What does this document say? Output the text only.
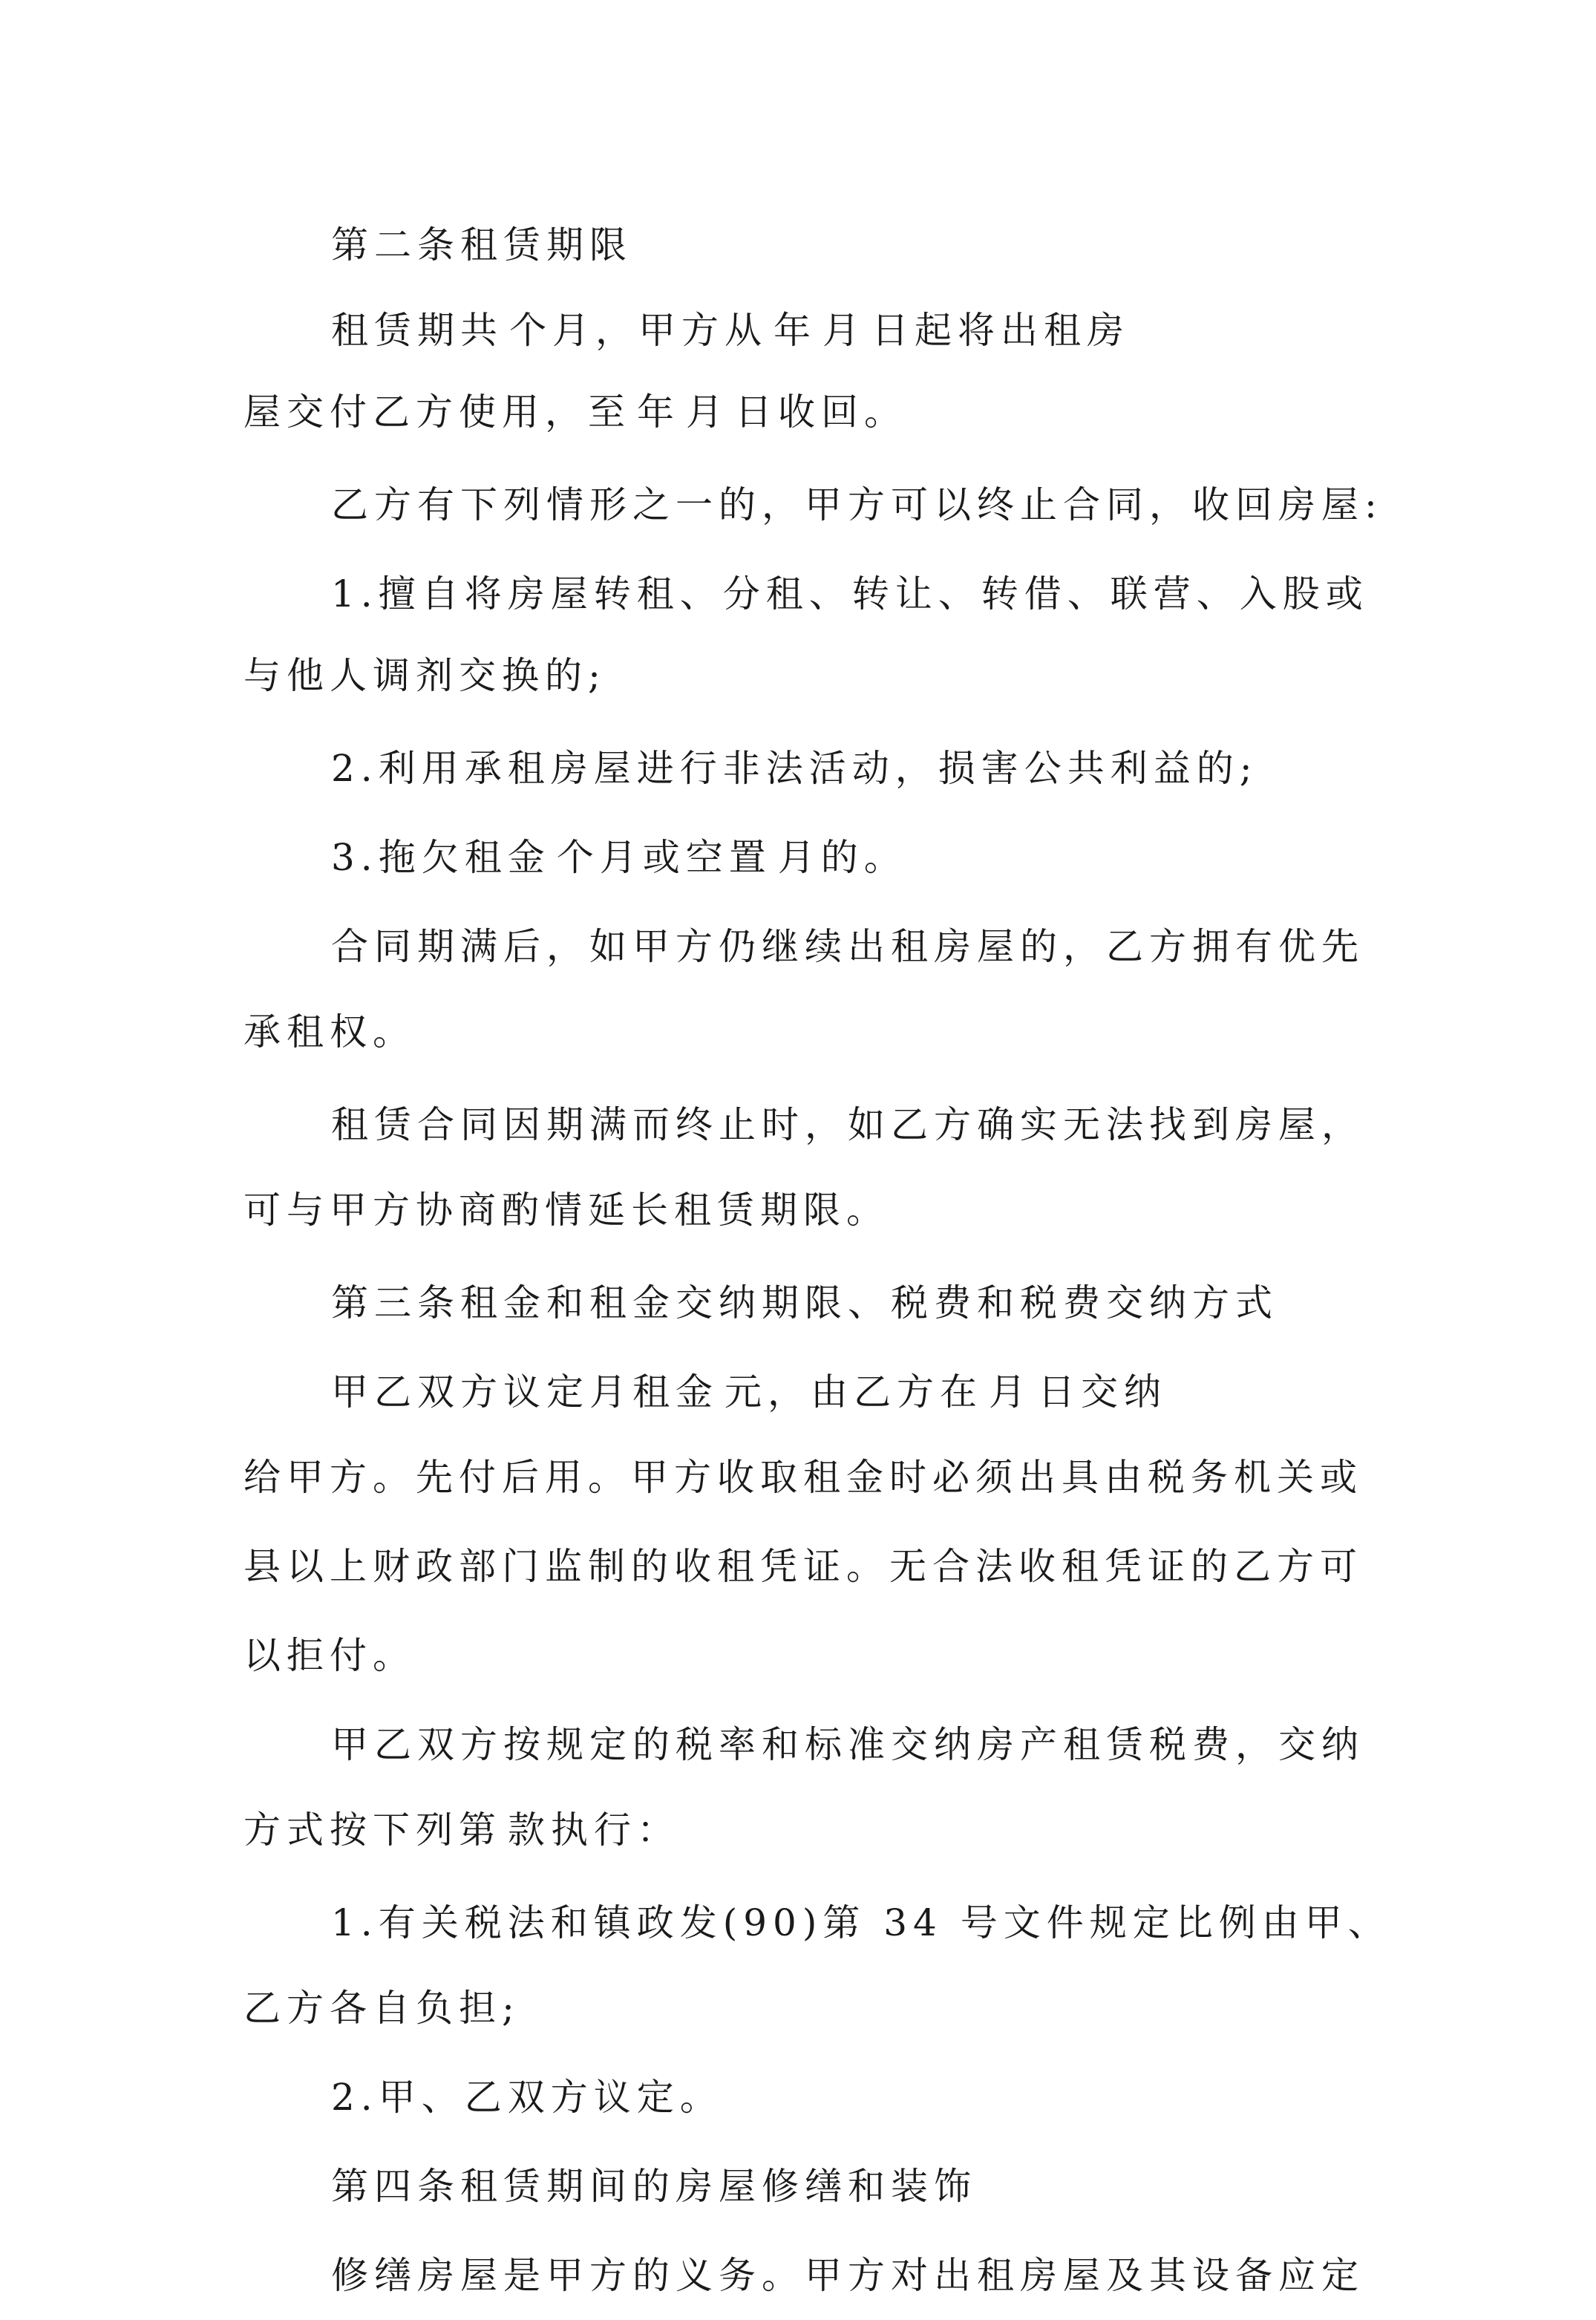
第二条租赁期限
租赁期共 个月，甲方从 年 月 日起将出租房
屋交付乙方使用，至 年 月 日收回。
乙方有下列情形之一的，甲方可以终止合同，收回房屋:
1.擅自将房屋转租、分租、转让、转借、联营、入股或
与他人调剂交换的;
2.利用承租房屋进行非法活动，损害公共利益的;
3.拖欠租金 个月或空置 月的。
合同期满后，如甲方仍继续出租房屋的，乙方拥有优先
承租权。
租赁合同因期满而终止时，如乙方确实无法找到房屋，
可与甲方协商酌情延长租赁期限。
第三条租金和租金交纳期限、税费和税费交纳方式
甲乙双方议定月租金 元，由乙方在 月 日交纳
给甲方。先付后用。甲方收取租金时必须出具由税务机关或
县以上财政部门监制的收租凭证。无合法收租凭证的乙方可
以拒付。
甲乙双方按规定的税率和标准交纳房产租赁税费，交纳
方式按下列第 款执行：
1.有关税法和镇政发(90)第 34 号文件规定比例由甲、
乙方各自负担;
2.甲、乙双方议定。
第四条租赁期间的房屋修缮和装饰
修缮房屋是甲方的义务。甲方对出租房屋及其设备应定
